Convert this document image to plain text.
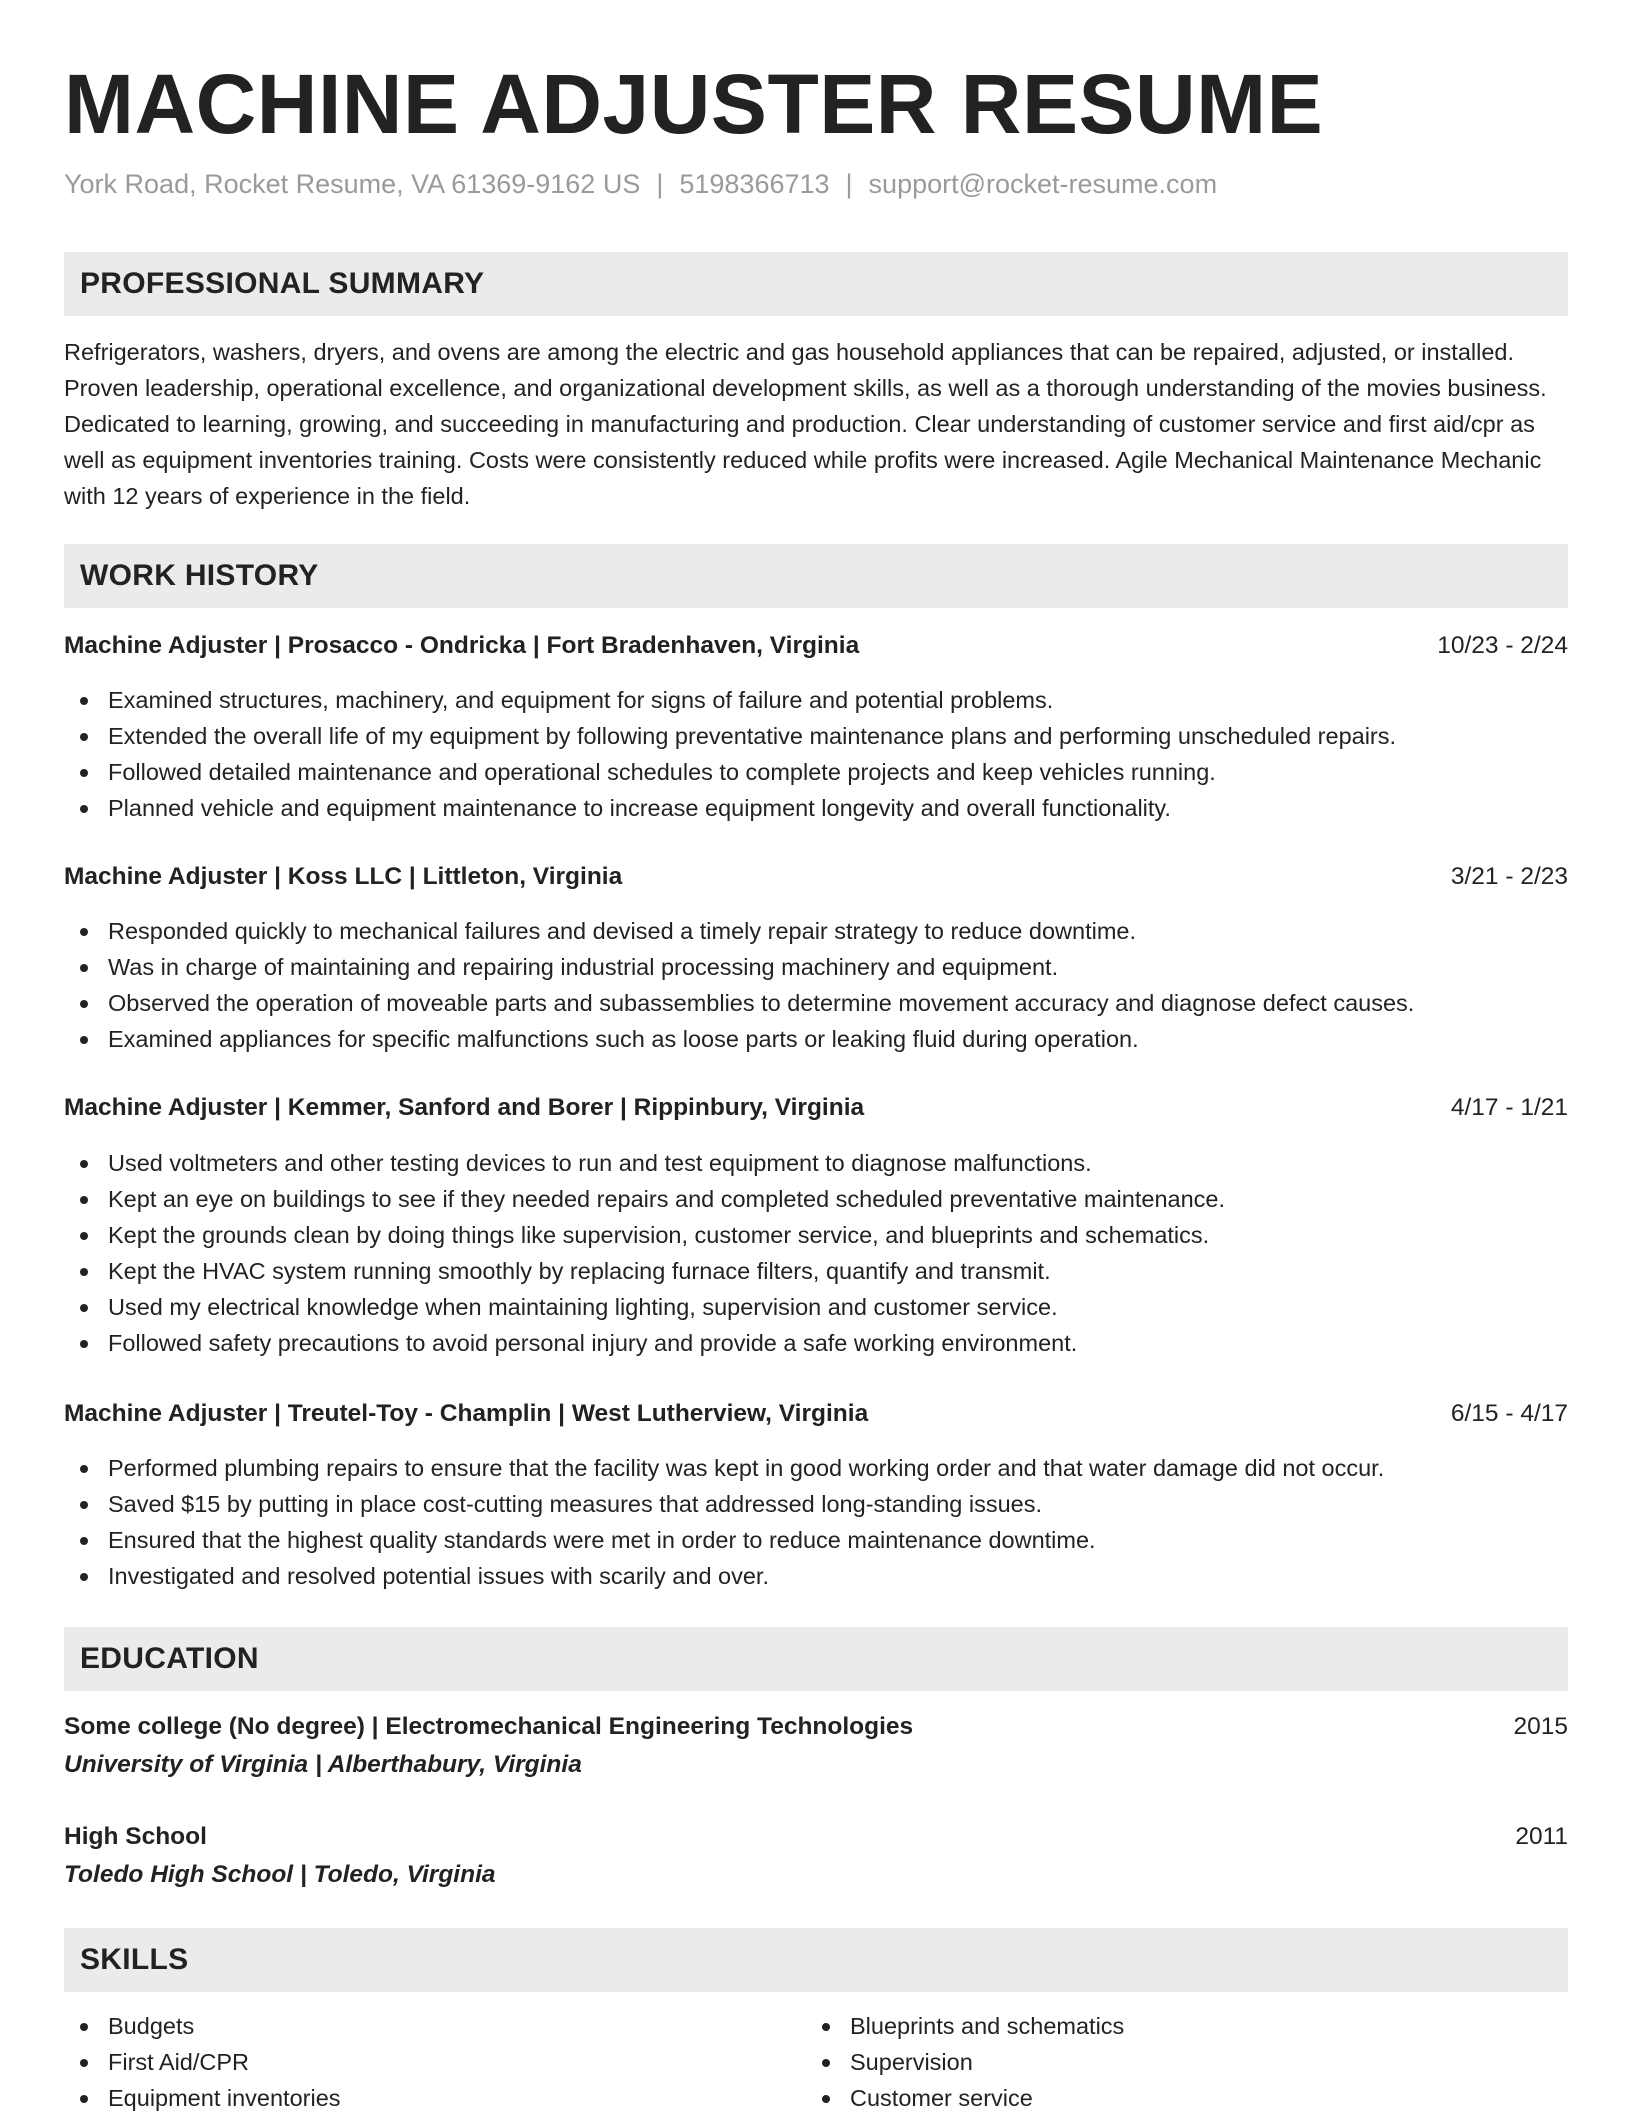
MACHINE ADJUSTER RESUME
York Road, Rocket Resume, VA 61369-9162 US | 5198366713 | support@rocket-resume.com
PROFESSIONAL SUMMARY

Refrigerators, washers, dryers, and ovens are among the electric and gas household appliances that can be repaired, adjusted, or installed. Proven leadership, operational excellence, and organizational development skills, as well as a thorough understanding of the movies business. Dedicated to learning, growing, and succeeding in manufacturing and production. Clear understanding of customer service and first aid/cpr as well as equipment inventories training. Costs were consistently reduced while profits were increased. Agile Mechanical Maintenance Mechanic with 12 years of experience in the field.

WORK HISTORY
Machine Adjuster | Prosacco - Ondricka | Fort Bradenhaven, Virginia	10/23 - 2/24
Examined structures, machinery, and equipment for signs of failure and potential problems.
Extended the overall life of my equipment by following preventative maintenance plans and performing unscheduled repairs.
Followed detailed maintenance and operational schedules to complete projects and keep vehicles running.
Planned vehicle and equipment maintenance to increase equipment longevity and overall functionality.
Machine Adjuster | Koss LLC | Littleton, Virginia	3/21 - 2/23
Responded quickly to mechanical failures and devised a timely repair strategy to reduce downtime.
Was in charge of maintaining and repairing industrial processing machinery and equipment.
Observed the operation of moveable parts and subassemblies to determine movement accuracy and diagnose defect causes.
Examined appliances for specific malfunctions such as loose parts or leaking fluid during operation.
Machine Adjuster | Kemmer, Sanford and Borer | Rippinbury, Virginia	4/17 - 1/21
Used voltmeters and other testing devices to run and test equipment to diagnose malfunctions.
Kept an eye on buildings to see if they needed repairs and completed scheduled preventative maintenance.
Kept the grounds clean by doing things like supervision, customer service, and blueprints and schematics.
Kept the HVAC system running smoothly by replacing furnace filters, quantify and transmit.
Used my electrical knowledge when maintaining lighting, supervision and customer service.
Followed safety precautions to avoid personal injury and provide a safe working environment.
Machine Adjuster | Treutel-Toy - Champlin | West Lutherview, Virginia	6/15 - 4/17
Performed plumbing repairs to ensure that the facility was kept in good working order and that water damage did not occur.
Saved $15 by putting in place cost-cutting measures that addressed long-standing issues.
Ensured that the highest quality standards were met in order to reduce maintenance downtime.
Investigated and resolved potential issues with scarily and over.
EDUCATION
Some college (No degree) | Electromechanical Engineering Technologies	2015
University of Virginia | Alberthabury, Virginia
High School	2011
Toledo High School | Toledo, Virginia
SKILLS
Budgets
First Aid/CPR
Equipment inventories
Blueprints and schematics
Supervision
Customer service
